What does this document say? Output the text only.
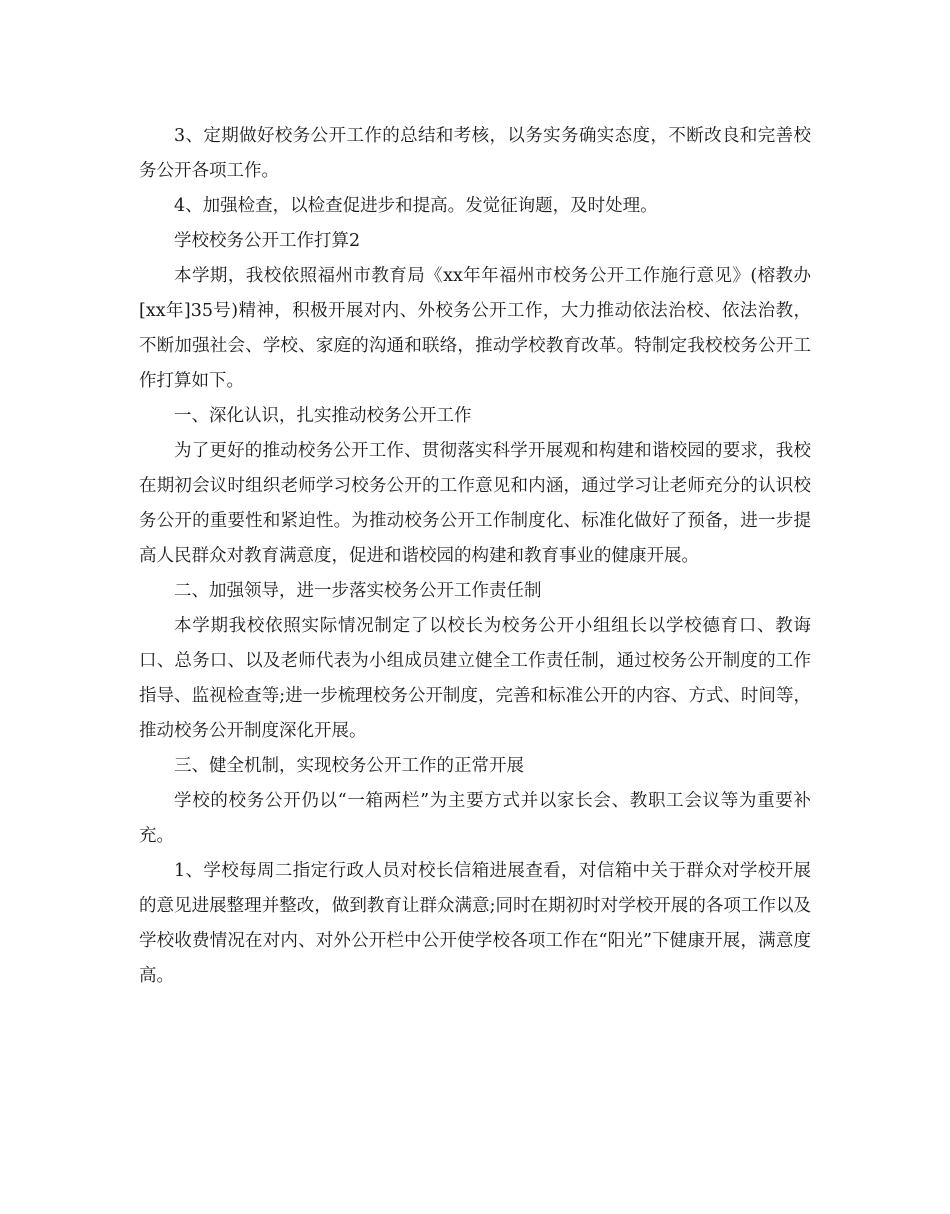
3、定期做好校务公开工作的总结和考核，以务实务确实态度，不断改良和完善校务公开各项工作。

4、加强检查，以检查促进步和提高。发觉征询题，及时处理。

学校校务公开工作打算2

本学期，我校依照福州市教育局《xx年年福州市校务公开工作施行意见》(榕教办[xx年]35号)精神，积极开展对内、外校务公开工作，大力推动依法治校、依法治教，不断加强社会、学校、家庭的沟通和联络，推动学校教育改革。特制定我校校务公开工作打算如下。

一、深化认识，扎实推动校务公开工作

为了更好的推动校务公开工作、贯彻落实科学开展观和构建和谐校园的要求，我校在期初会议时组织老师学习校务公开的工作意见和内涵，通过学习让老师充分的认识校务公开的重要性和紧迫性。为推动校务公开工作制度化、标准化做好了预备，进一步提高人民群众对教育满意度，促进和谐校园的构建和教育事业的健康开展。

二、加强领导，进一步落实校务公开工作责任制

本学期我校依照实际情况制定了以校长为校务公开小组组长以学校德育口、教诲口、总务口、以及老师代表为小组成员建立健全工作责任制，通过校务公开制度的工作指导、监视检查等;进一步梳理校务公开制度，完善和标准公开的内容、方式、时间等，推动校务公开制度深化开展。

三、健全机制，实现校务公开工作的正常开展

学校的校务公开仍以“一箱两栏”为主要方式并以家长会、教职工会议等为重要补充。

1、学校每周二指定行政人员对校长信箱进展查看，对信箱中关于群众对学校开展的意见进展整理并整改，做到教育让群众满意;同时在期初时对学校开展的各项工作以及学校收费情况在对内、对外公开栏中公开使学校各项工作在“阳光”下健康开展，满意度高。
